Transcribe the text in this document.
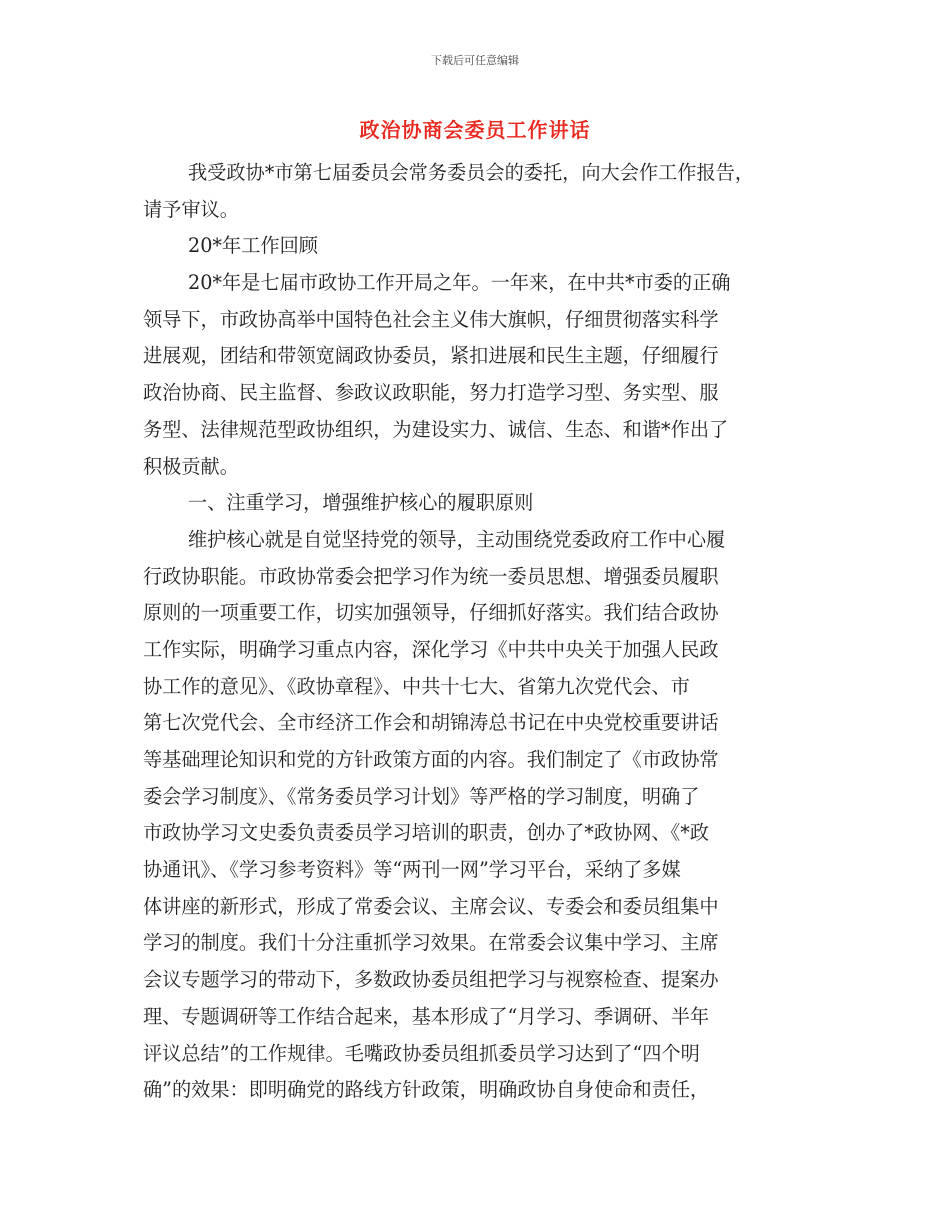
下载后可任意编辑
政治协商会委员工作讲话
我受政协*市第七届委员会常务委员会的委托，向大会作工作报告，
请予审议。
20*年工作回顾
20*年是七届市政协工作开局之年。一年来，在中共*市委的正确
领导下，市政协高举中国特色社会主义伟大旗帜，仔细贯彻落实科学
进展观，团结和带领宽阔政协委员，紧扣进展和民生主题，仔细履行
政治协商、民主监督、参政议政职能，努力打造学习型、务实型、服
务型、法律规范型政协组织，为建设实力、诚信、生态、和谐*作出了
积极贡献。
一、注重学习，增强维护核心的履职原则
维护核心就是自觉坚持党的领导，主动围绕党委政府工作中心履
行政协职能。市政协常委会把学习作为统一委员思想、增强委员履职
原则的一项重要工作，切实加强领导，仔细抓好落实。我们结合政协
工作实际，明确学习重点内容，深化学习《中共中央关于加强人民政
协工作的意见》、《政协章程》、中共十七大、省第九次党代会、市
第七次党代会、全市经济工作会和胡锦涛总书记在中央党校重要讲话
等基础理论知识和党的方针政策方面的内容。我们制定了《市政协常
委会学习制度》、《常务委员学习计划》等严格的学习制度，明确了
市政协学习文史委负责委员学习培训的职责，创办了*政协网、《*政
协通讯》、《学习参考资料》等“两刊一网”学习平台，采纳了多媒
体讲座的新形式，形成了常委会议、主席会议、专委会和委员组集中
学习的制度。我们十分注重抓学习效果。在常委会议集中学习、主席
会议专题学习的带动下，多数政协委员组把学习与视察检查、提案办
理、专题调研等工作结合起来，基本形成了“月学习、季调研、半年
评议总结”的工作规律。毛嘴政协委员组抓委员学习达到了“四个明
确”的效果：即明确党的路线方针政策，明确政协自身使命和责任，
